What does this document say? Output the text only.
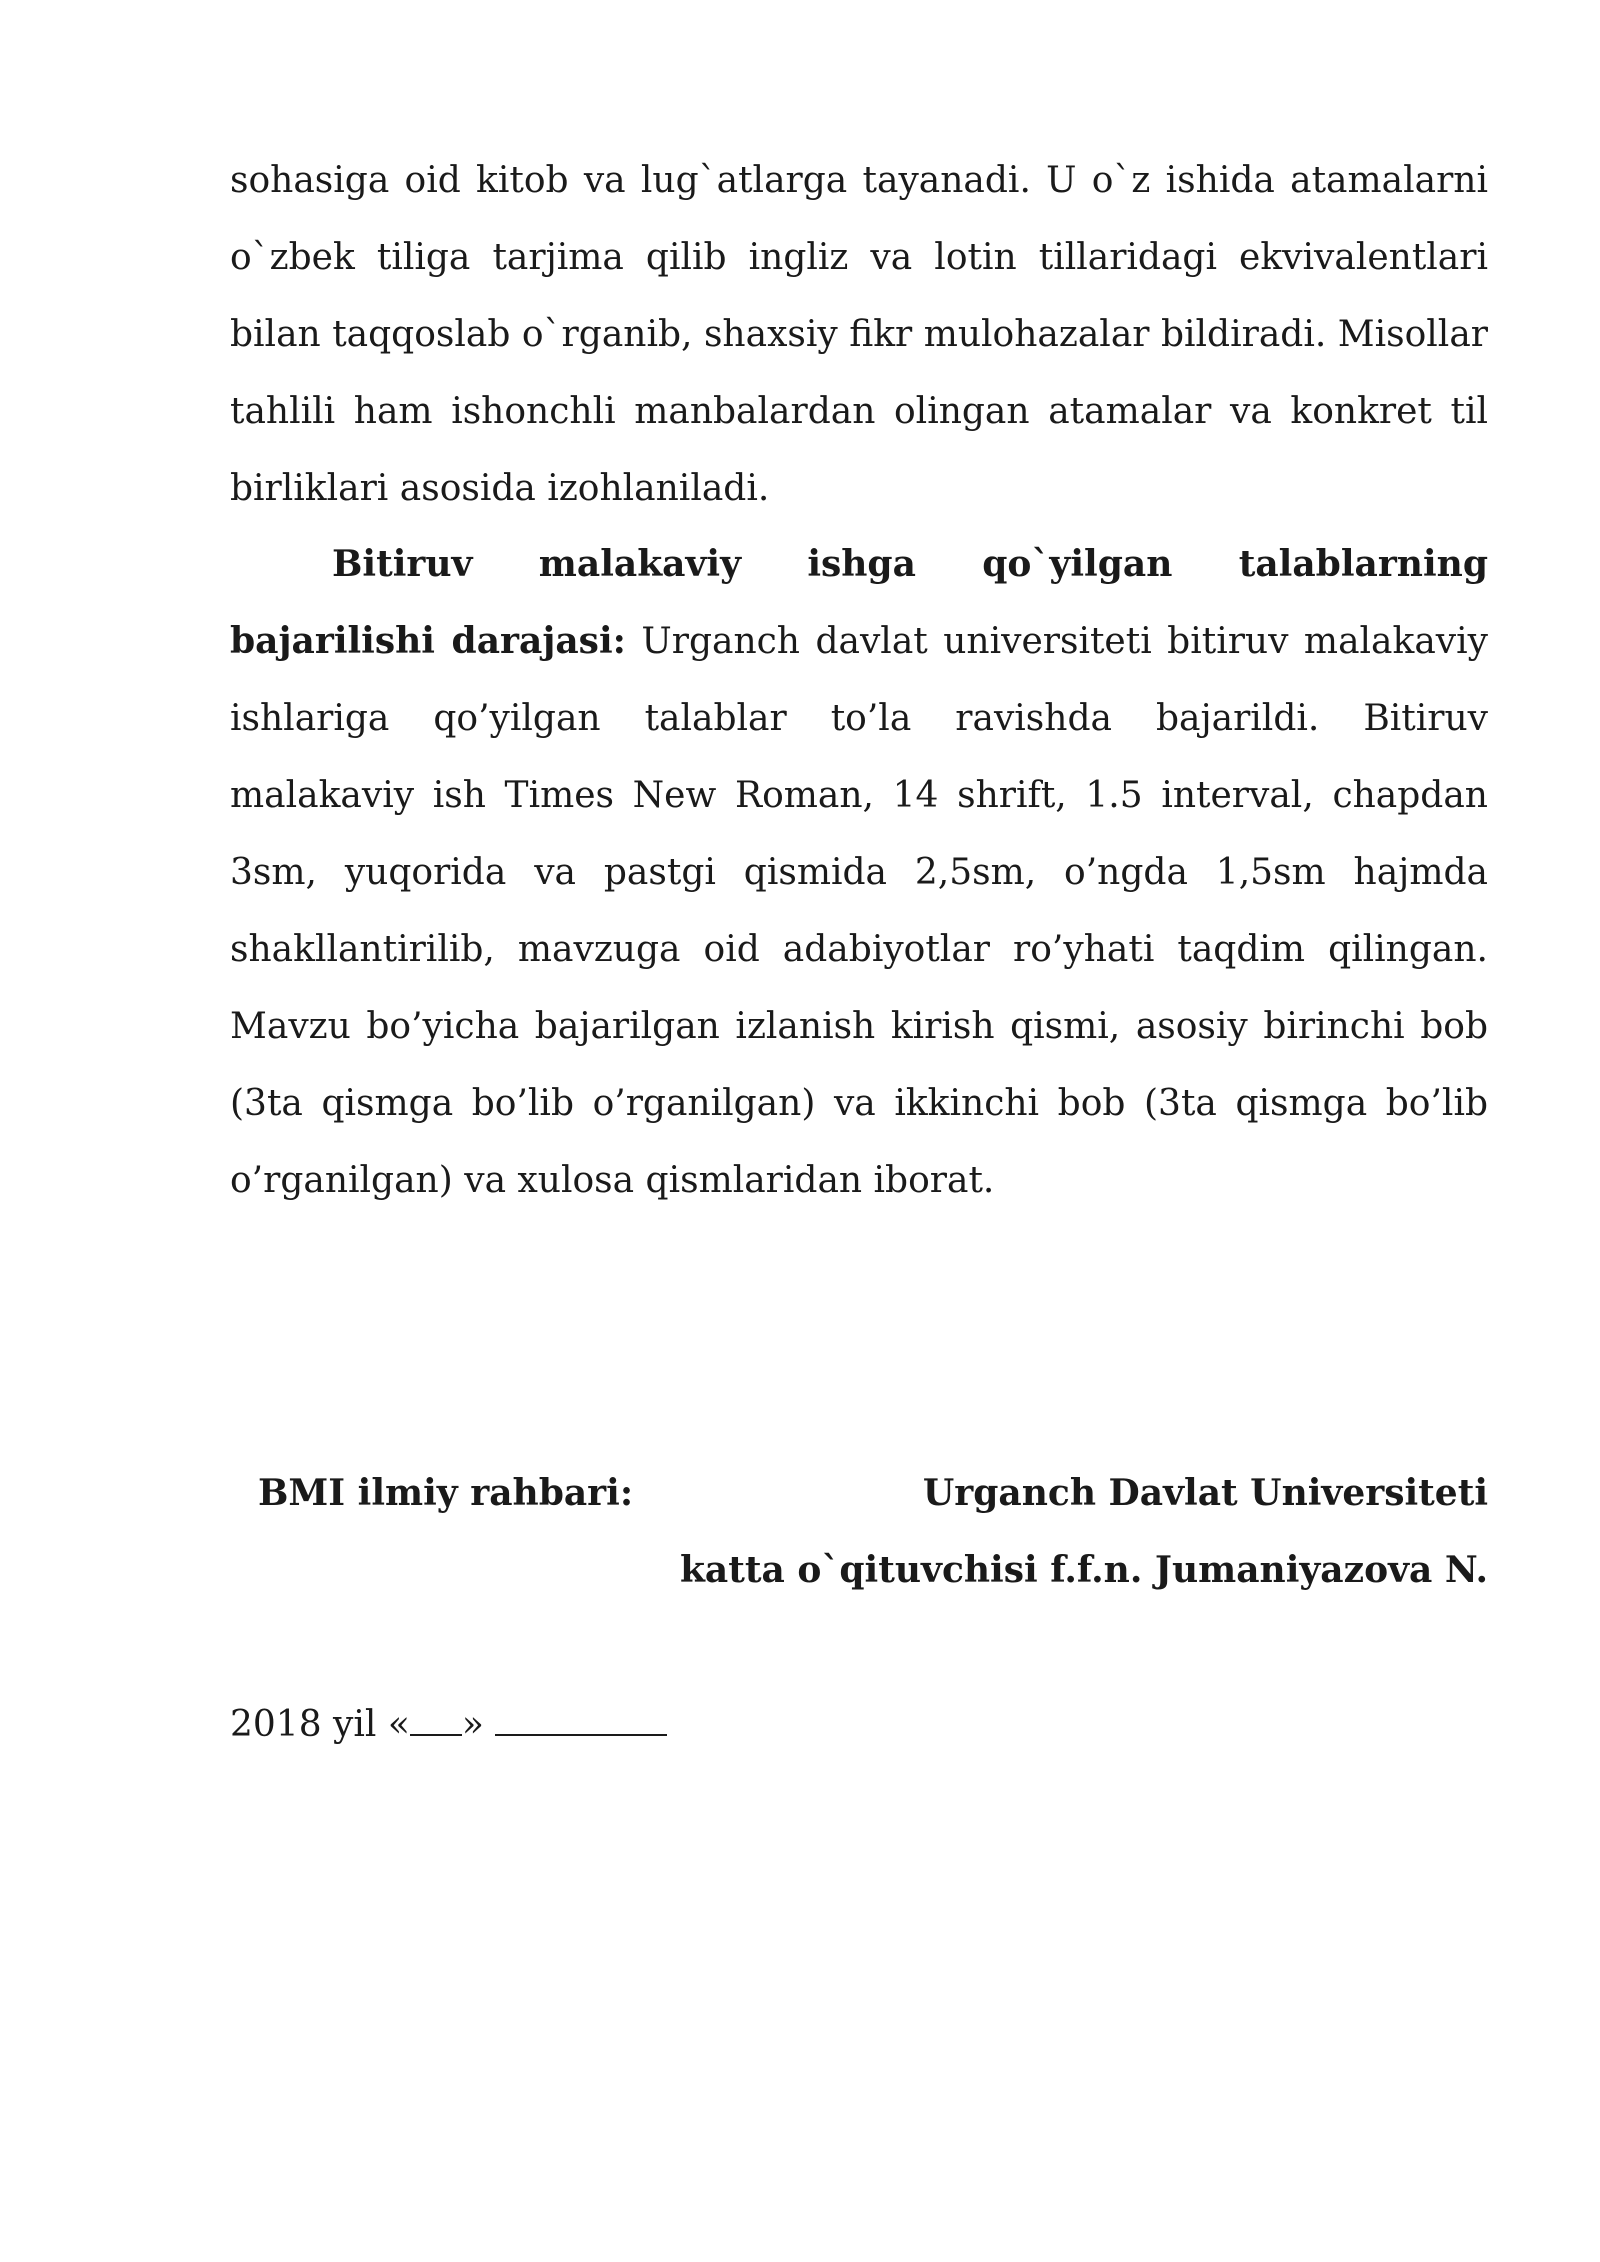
sohasiga oid kitob va lug`atlarga tayanadi. U o`z ishida atamalarni o`zbek tiliga tarjima qilib ingliz va lotin tillaridagi ekvivalentlari bilan taqqoslab o`rganib, shaxsiy fikr mulohazalar bildiradi. Misollar tahlili ham ishonchli manbalardan olingan atamalar va konkret til birliklari asosida izohlaniladi.

Bitiruv malakaviy ishga qo`yilgan talablarning bajarilishi darajasi: Urganch davlat universiteti bitiruv malakaviy ishlariga qo’yilgan talablar to’la ravishda bajarildi. Bitiruv malakaviy ish Times New Roman, 14 shrift, 1.5 interval, chapdan 3sm, yuqorida va pastgi qismida 2,5sm, o’ngda 1,5sm hajmda shakllantirilib, mavzuga oid adabiyotlar ro’yhati taqdim qilingan. Mavzu bo’yicha bajarilgan izlanish kirish qismi, asosiy birinchi bob (3ta qismga bo’lib o’rganilgan) va ikkinchi bob (3ta qismga bo’lib o’rganilgan) va xulosa qismlaridan iborat.

BMI ilmiy rahbari:	Urganch Davlat Universiteti
katta o`qituvchisi f.f.n. Jumaniyazova N.
2018 yil « »
